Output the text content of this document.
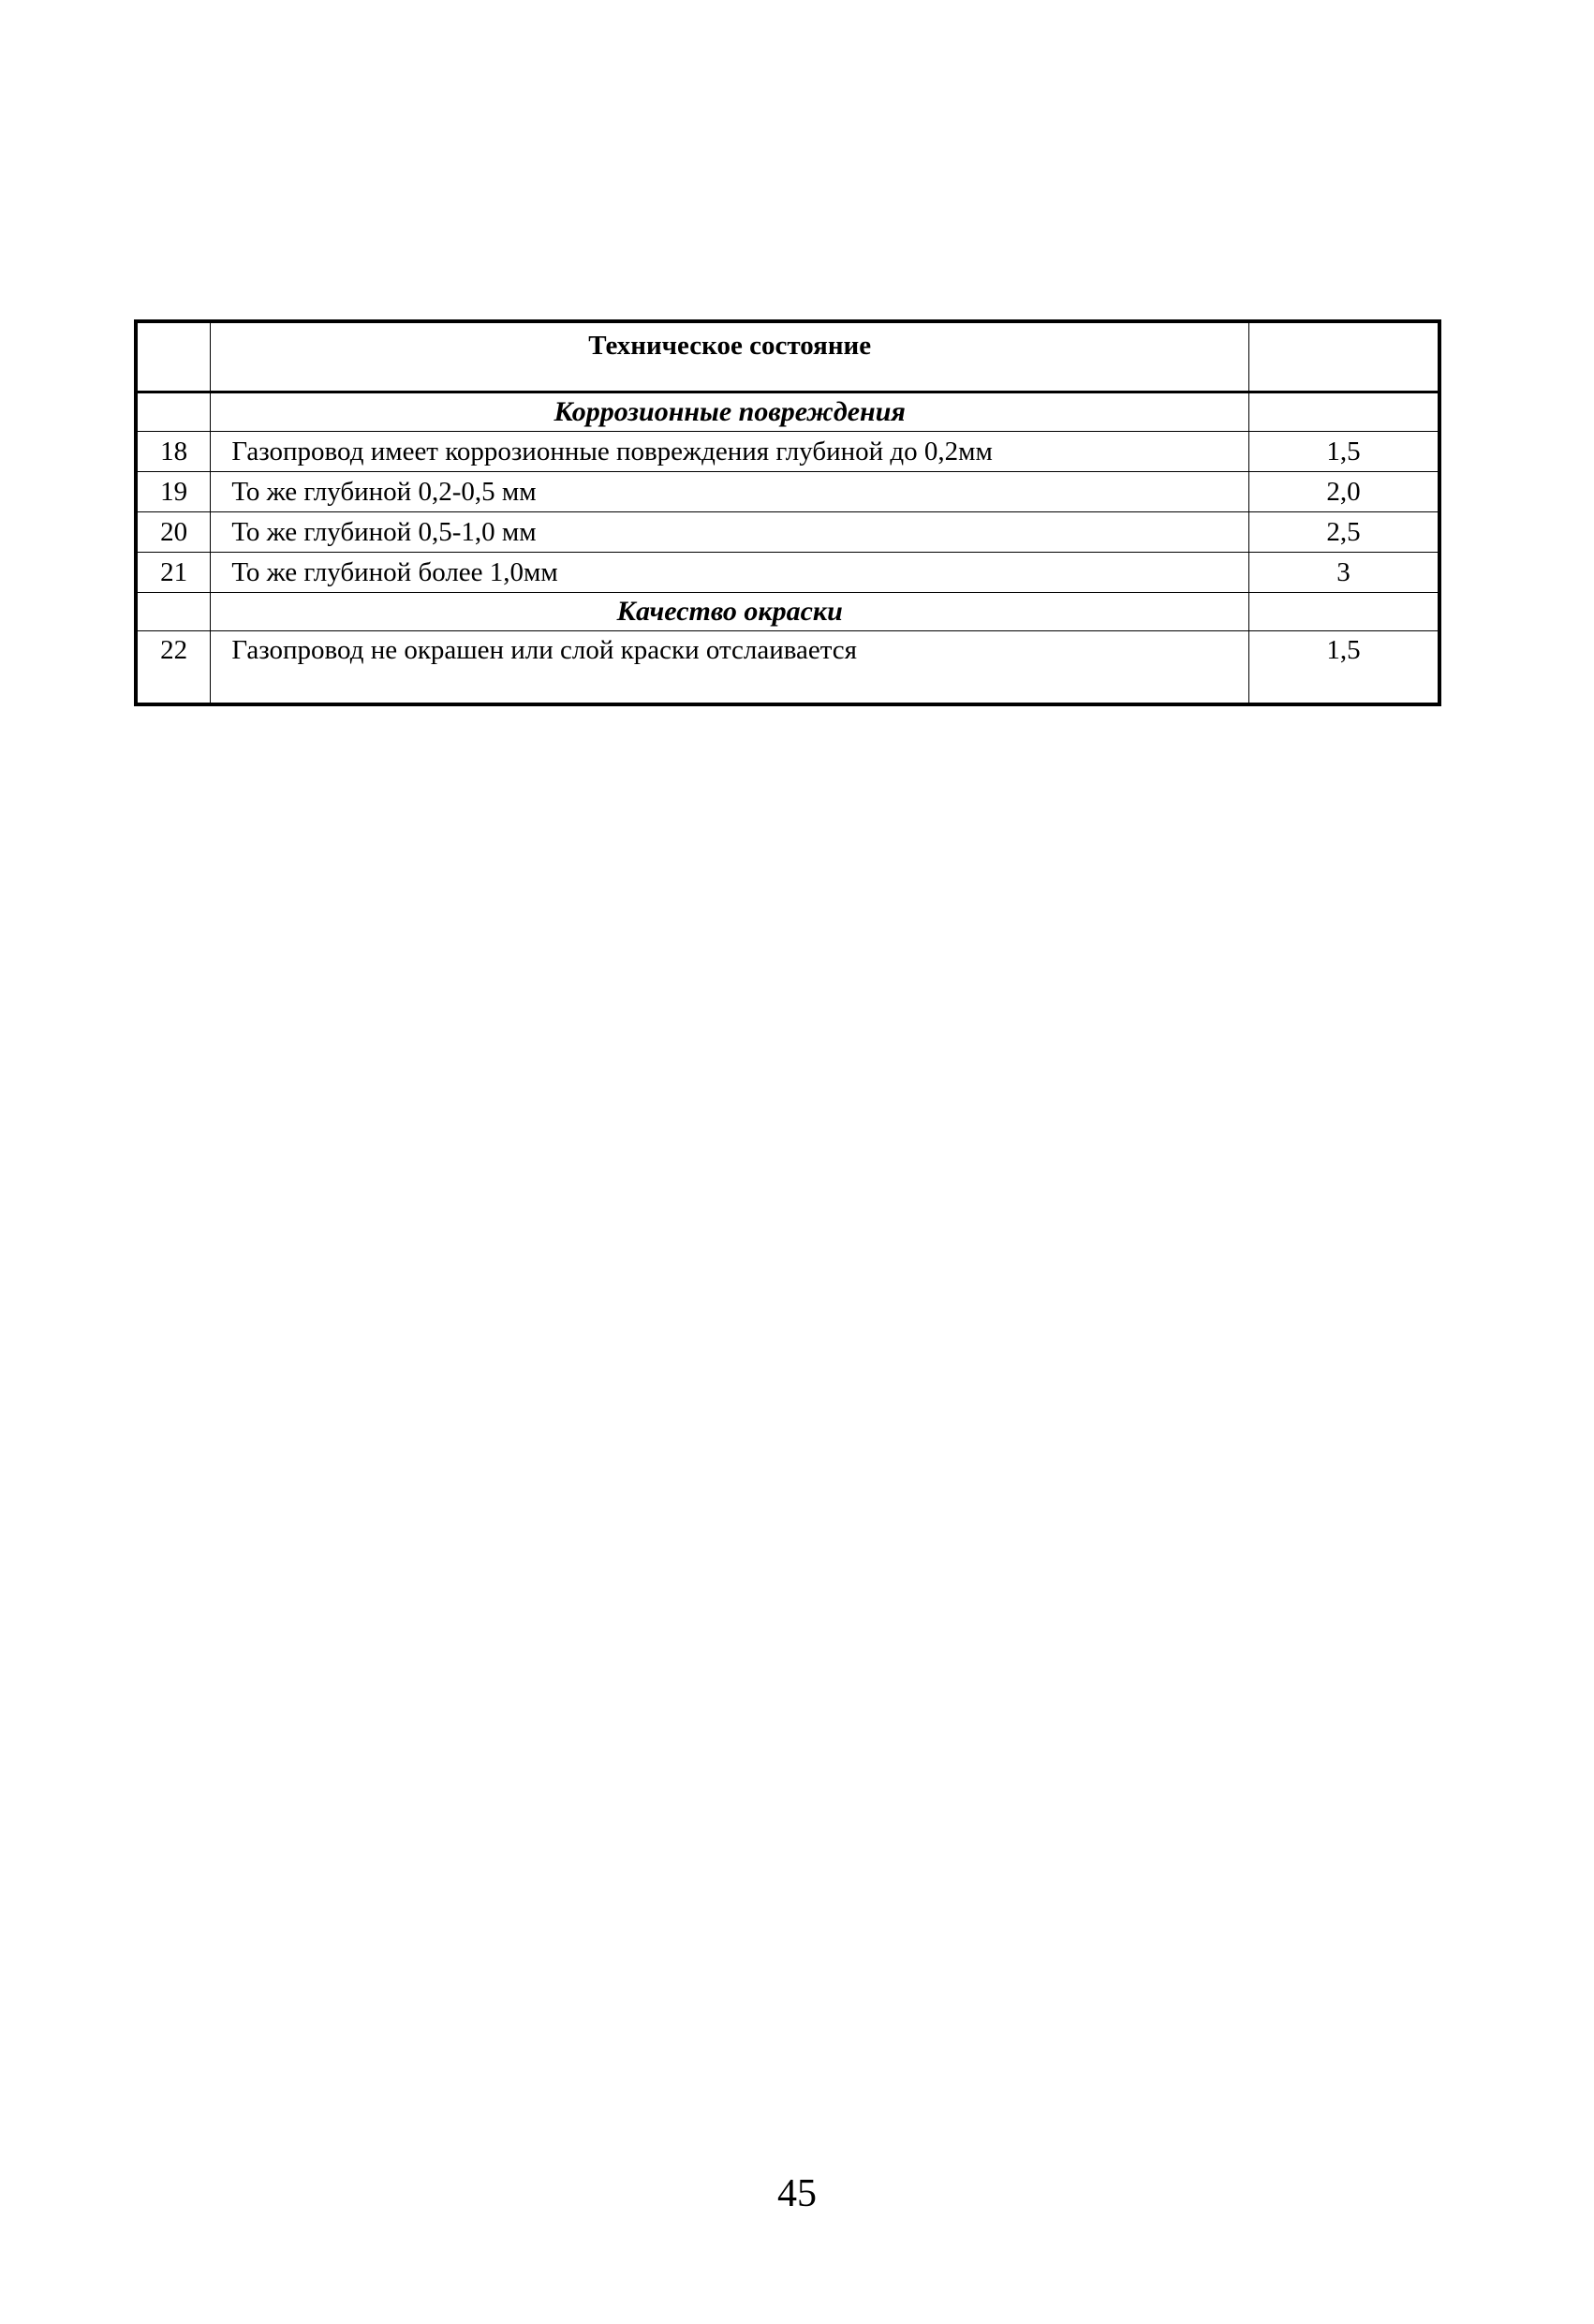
	Техническое состояние	
	Коррозионные повреждения	
18	Газопровод имеет коррозионные повреждения глубиной до 0,2мм	1,5
19	То же глубиной 0,2-0,5 мм	2,0
20	То же глубиной 0,5-1,0 мм	2,5
21	То же глубиной более 1,0мм	3
	Качество окраски	
22	Газопровод не окрашен или слой краски отслаивается	1,5
45
